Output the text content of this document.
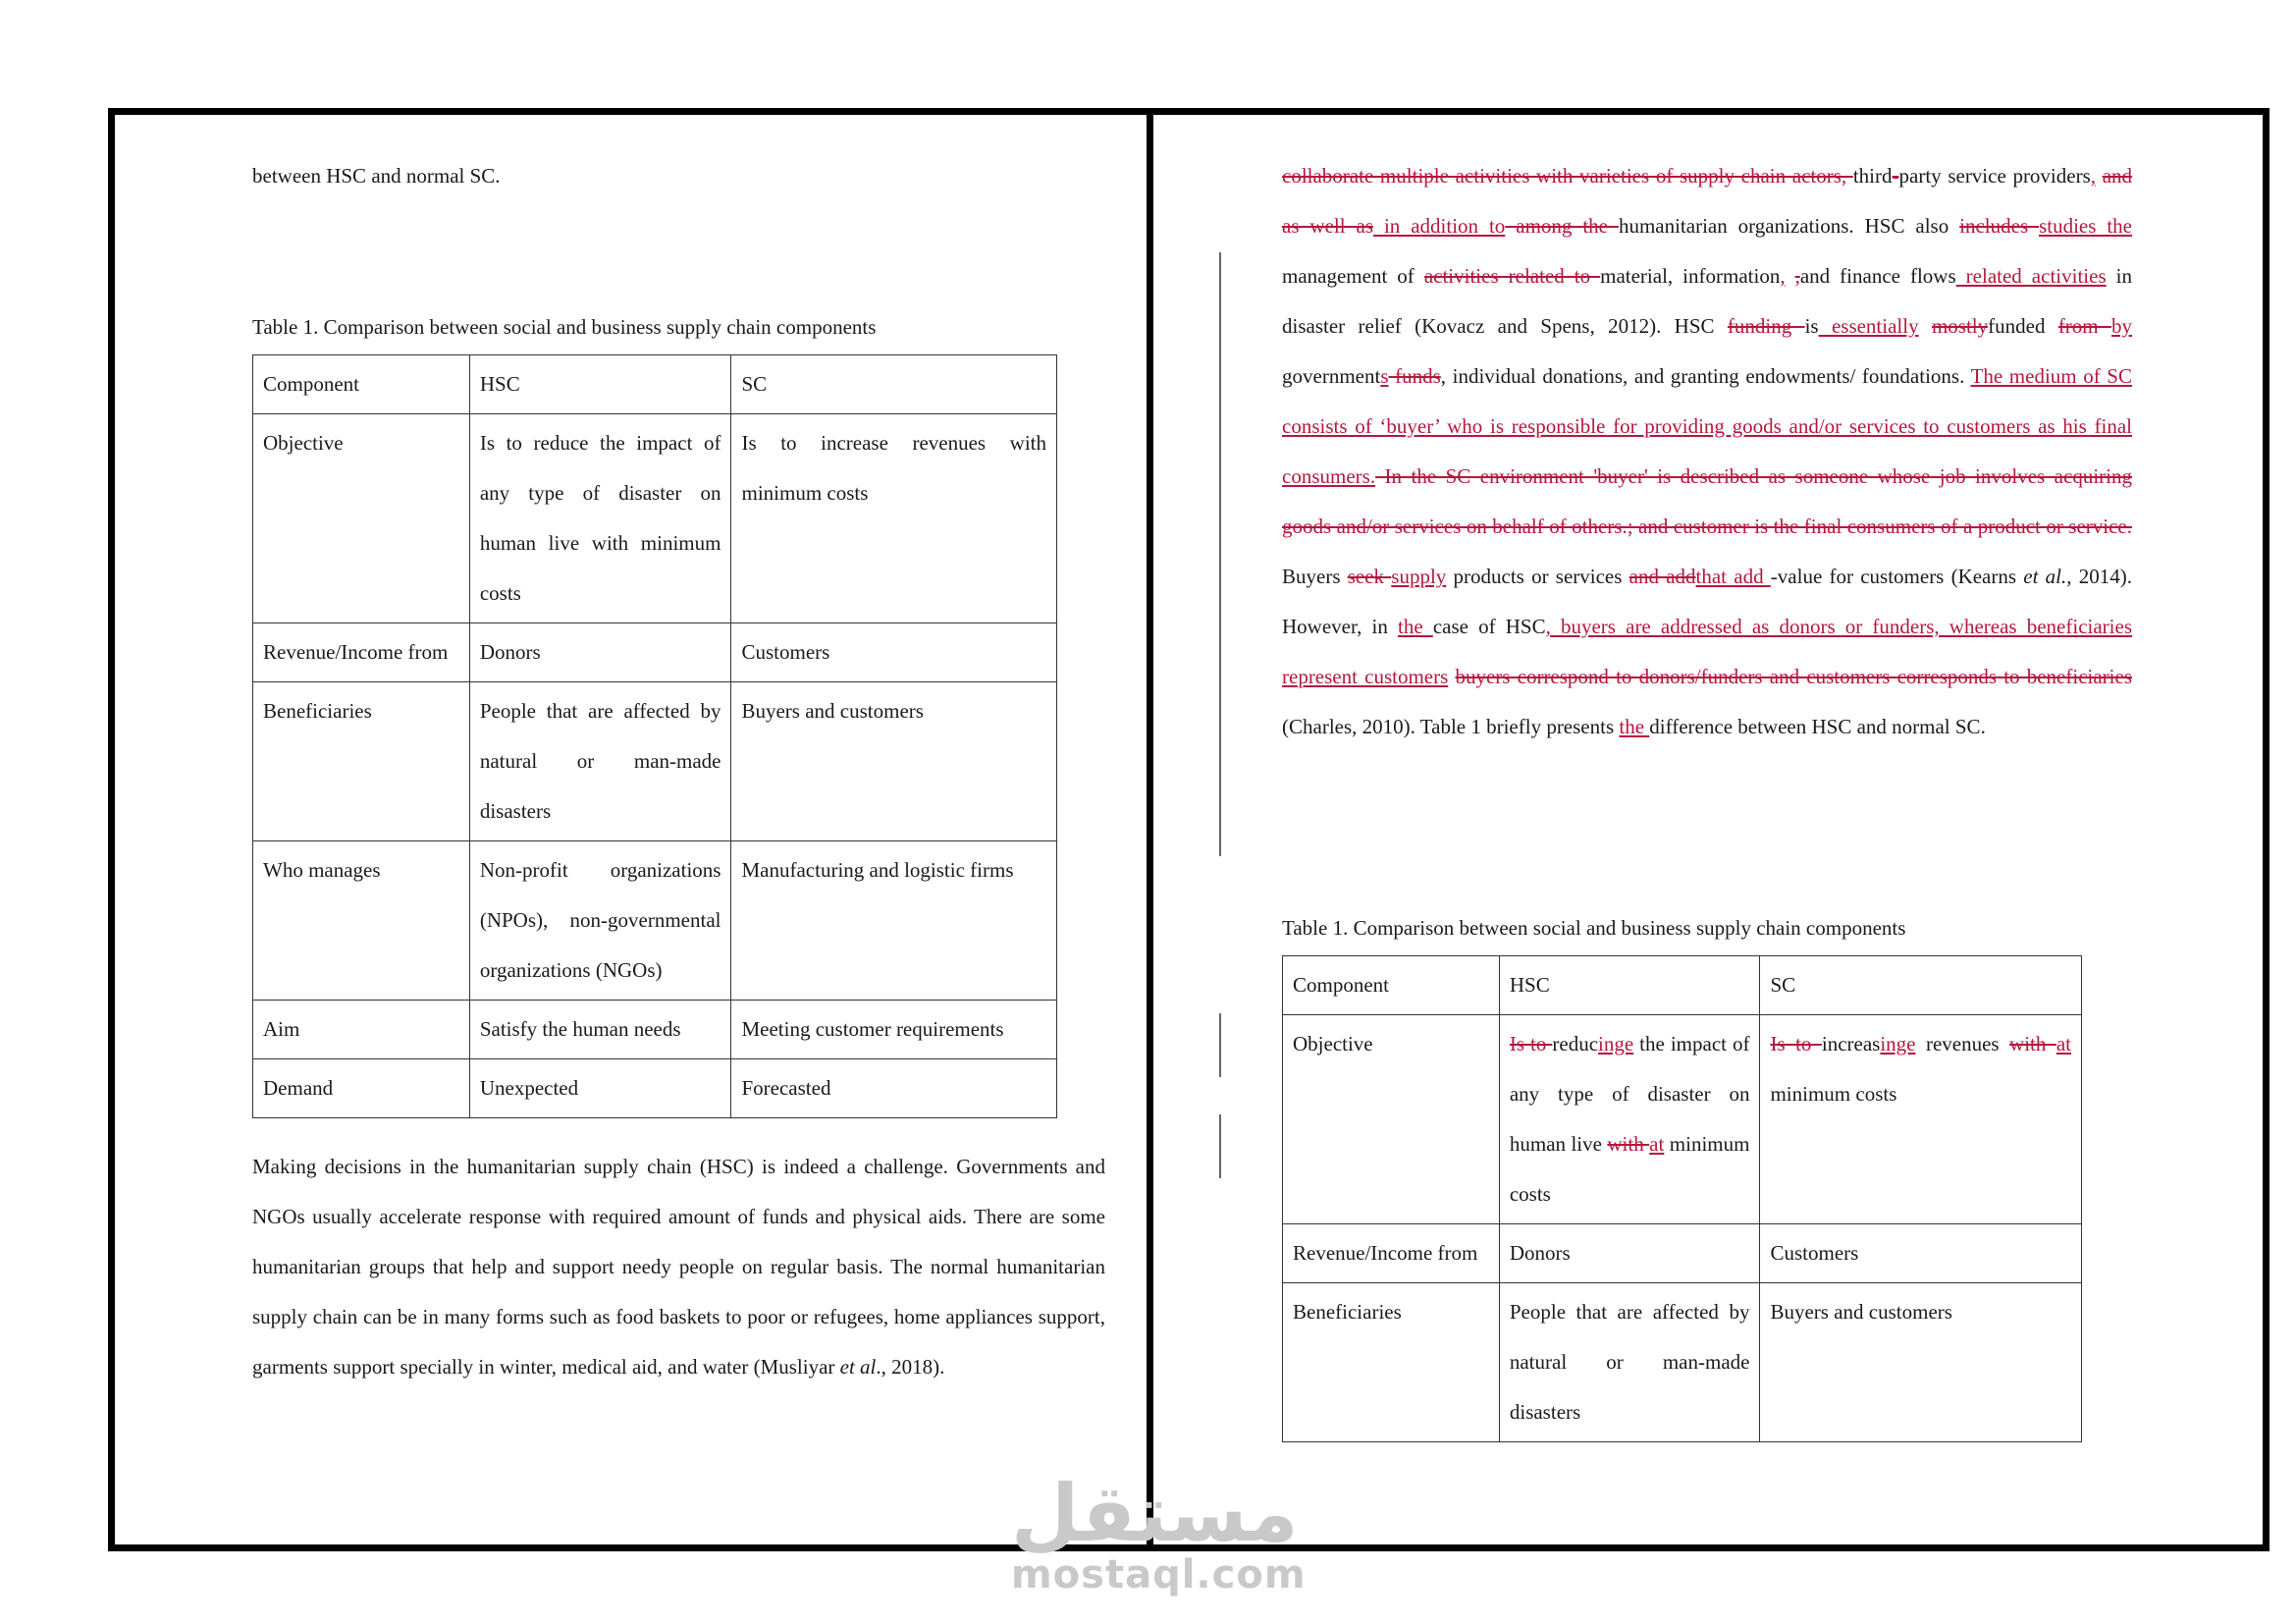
between HSC and normal SC.

Table 1. Comparison between social and business supply chain components
Component	HSC	SC
Objective	Is to reduce the impact of any type of disaster on human live with minimum costs	Is to increase revenues with minimum costs
Revenue/Income from	Donors	Customers
Beneficiaries	People that are affected by natural or man-made disasters	Buyers and customers
Who manages	Non-profit organizations (NPOs), non-governmental organizations (NGOs)	Manufacturing and logistic firms
Aim	Satisfy the human needs	Meeting customer requirements
Demand	Unexpected	Forecasted

Making decisions in the humanitarian supply chain (HSC) is indeed a challenge. Governments and NGOs usually accelerate response with required amount of funds and physical aids. There are some humanitarian groups that help and support needy people on regular basis. The normal humanitarian supply chain can be in many forms such as food baskets to poor or refugees, home appliances support, garments support specially in winter, medical aid, and water (Musliyar et al., 2018).

collaborate multiple activities with varieties of supply chain actors, third-party service providers, and as well as in addition to among the humanitarian organizations. HSC also includes studies the management of activities related to material, information, ,and finance flows related activities in disaster relief (Kovacz and Spens, 2012). HSC funding is essentially mostlyfunded from by governments funds, individual donations, and granting endowments/ foundations. The medium of SC consists of ‘buyer’ who is responsible for providing goods and/or services to customers as his final consumers. In the SC environment 'buyer' is described as someone whose job involves acquiring goods and/or services on behalf of others.; and customer is the final consumers of a product or service. Buyers seek supply products or services and addthat add -value for customers (Kearns et al., 2014). However, in the case of HSC, buyers are addressed as donors or funders, whereas beneficiaries represent customers buyers correspond to donors/funders and customers corresponds to beneficiaries (Charles, 2010). Table 1 briefly presents the difference between HSC and normal SC.

Table 1. Comparison between social and business supply chain components
Component	HSC	SC
Objective	Is to reducinge the impact of any type of disaster on human live with at minimum costs	Is to increasinge revenues with at minimum costs
Revenue/Income from	Donors	Customers
Beneficiaries	People that are affected by natural or man-made disasters	Buyers and customers
مستقل
mostaql.com
